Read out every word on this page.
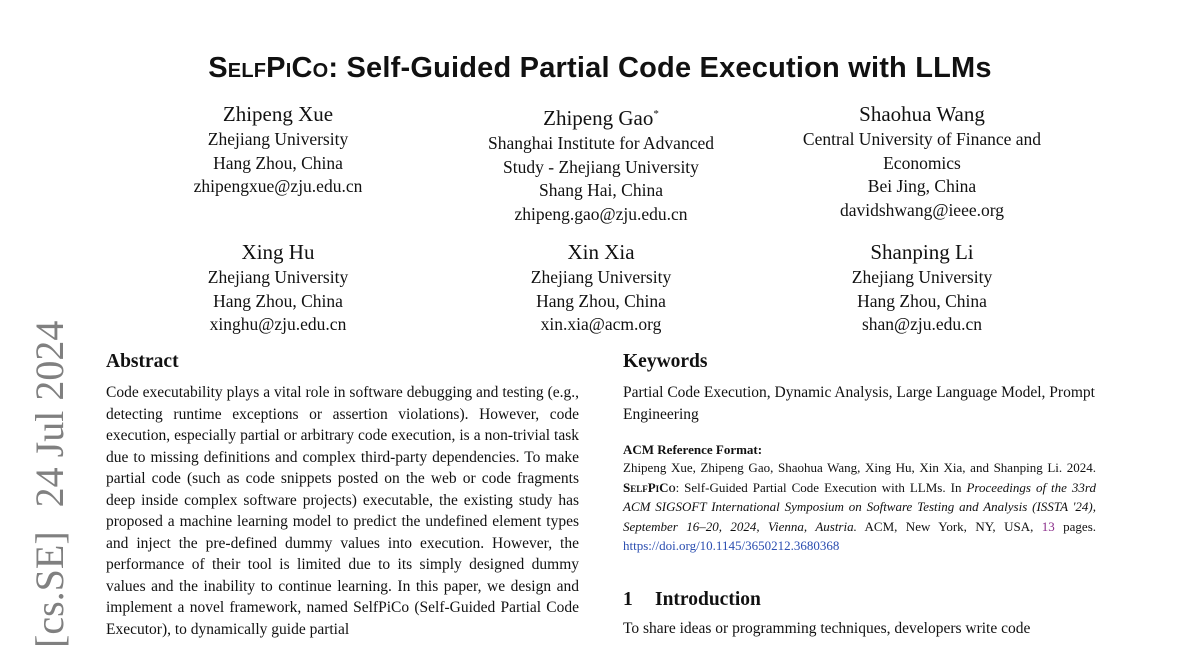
[cs.SE]24 Jul 2024
SelfPiCo: Self-Guided Partial Code Execution with LLMs
Zhipeng Xue
Zhejiang University
Hang Zhou, China
zhipengxue@zju.edu.cn
Zhipeng Gao*
Shanghai Institute for Advanced
Study - Zhejiang University
Shang Hai, China
zhipeng.gao@zju.edu.cn
Shaohua Wang
Central University of Finance and
Economics
Bei Jing, China
davidshwang@ieee.org
Xing Hu
Zhejiang University
Hang Zhou, China
xinghu@zju.edu.cn
Xin Xia
Zhejiang University
Hang Zhou, China
xin.xia@acm.org
Shanping Li
Zhejiang University
Hang Zhou, China
shan@zju.edu.cn
Abstract

Code executability plays a vital role in software debugging and testing (e.g., detecting runtime exceptions or assertion violations). However, code execution, especially partial or arbitrary code execution, is a non-trivial task due to missing definitions and complex third-party dependencies. To make partial code (such as code snippets posted on the web or code fragments deep inside complex software projects) executable, the existing study has proposed a machine learning model to predict the undefined element types and inject the pre-defined dummy values into execution. However, the performance of their tool is limited due to its simply designed dummy values and the inability to continue learning. In this paper, we design and implement a novel framework, named SelfPiCo (Self-Guided Partial Code Executor), to dynamically guide partial

Keywords

Partial Code Execution, Dynamic Analysis, Large Language Model, Prompt Engineering

ACM Reference Format:

Zhipeng Xue, Zhipeng Gao, Shaohua Wang, Xing Hu, Xin Xia, and Shanping Li. 2024. SelfPiCo: Self-Guided Partial Code Execution with LLMs. In Proceedings of the 33rd ACM SIGSOFT International Symposium on Software Testing and Analysis (ISSTA '24), September 16–20, 2024, Vienna, Austria. ACM, New York, NY, USA, 13 pages. https://doi.org/10.1145/3650212.3680368

1 Introduction

To share ideas or programming techniques, developers write code
